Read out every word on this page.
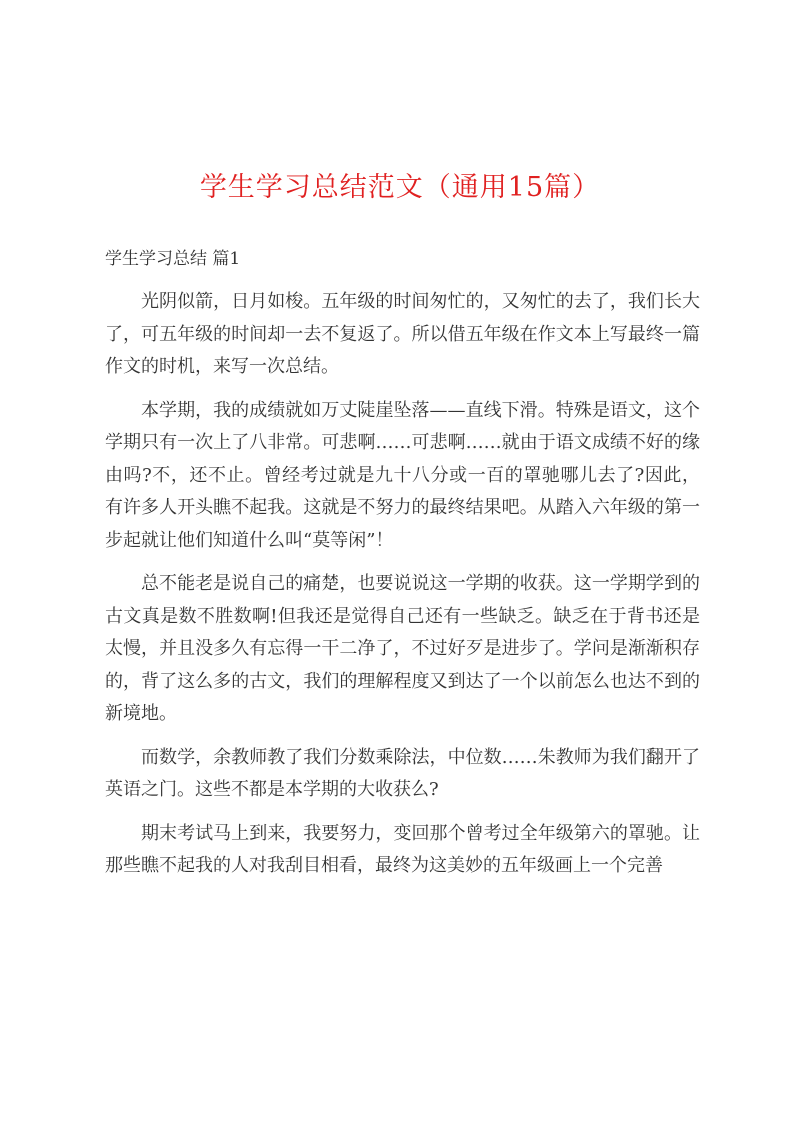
学生学习总结范文（通用15篇）

学生学习总结 篇1

光阴似箭，日月如梭。五年级的时间匆忙的，又匆忙的去了，我们长大了，可五年级的时间却一去不复返了。所以借五年级在作文本上写最终一篇作文的时机，来写一次总结。

本学期，我的成绩就如万丈陡崖坠落——直线下滑。特殊是语文，这个学期只有一次上了八非常。可悲啊……可悲啊……就由于语文成绩不好的缘由吗?不，还不止。曾经考过就是九十八分或一百的罩驰哪儿去了?因此，有许多人开头瞧不起我。这就是不努力的最终结果吧。从踏入六年级的第一步起就让他们知道什么叫“莫等闲”！

总不能老是说自己的痛楚，也要说说这一学期的收获。这一学期学到的古文真是数不胜数啊!但我还是觉得自己还有一些缺乏。缺乏在于背书还是太慢，并且没多久有忘得一干二净了，不过好歹是进步了。学问是渐渐积存的，背了这么多的古文，我们的理解程度又到达了一个以前怎么也达不到的新境地。

而数学，余教师教了我们分数乘除法，中位数……朱教师为我们翻开了英语之门。这些不都是本学期的大收获么?

期末考试马上到来，我要努力，变回那个曾考过全年级第六的罩驰。让那些瞧不起我的人对我刮目相看，最终为这美妙的五年级画上一个完善
